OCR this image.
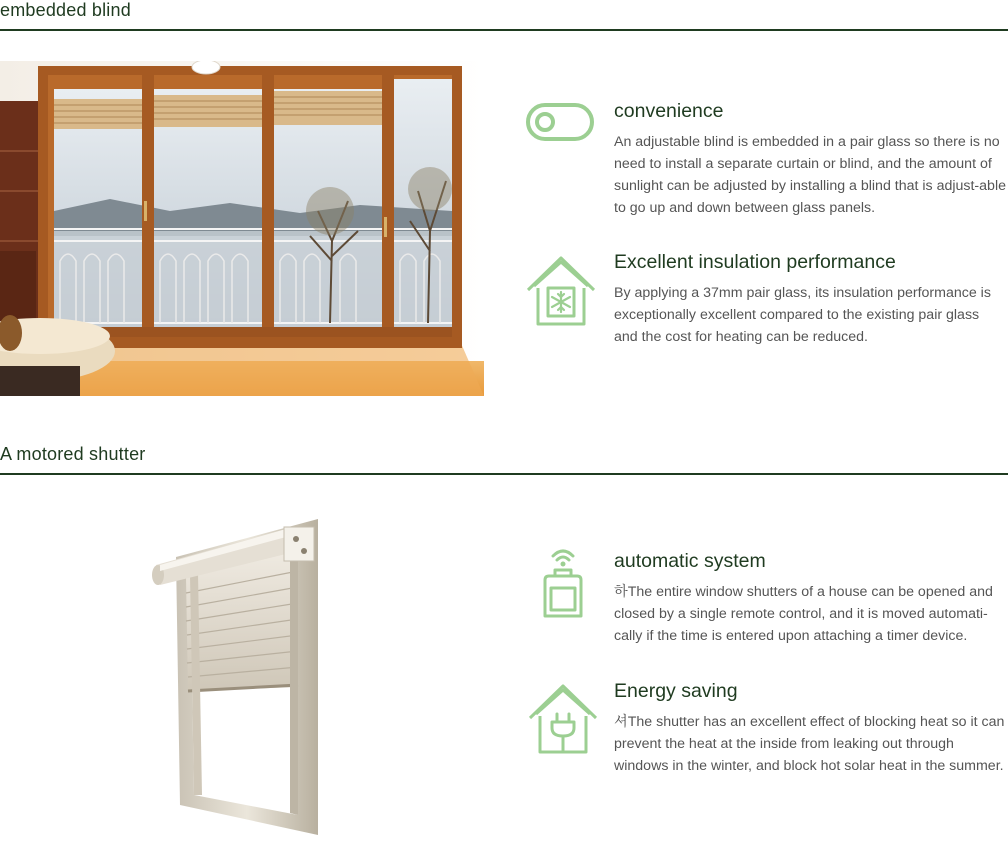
embedded blind
convenience
An adjustable blind is embedded in a pair glass so there is no need to install a separate curtain or blind, and the amount of sunlight can be adjusted by installing a blind that is adjust-able to go up and down between glass panels.
Excellent insulation performance
By applying a 37mm pair glass, its insulation performance is exceptionally excellent compared to the existing pair glass and the cost for heating can be reduced.
A motored shutter
automatic system
하The entire window shutters of a house can be opened and closed by a single remote control, and it is moved automati-cally if the time is entered upon attaching a timer device.
Energy saving
셔The shutter has an excellent effect of blocking heat so it can prevent the heat at the inside from leaking out through windows in the winter, and block hot solar heat in the summer.
